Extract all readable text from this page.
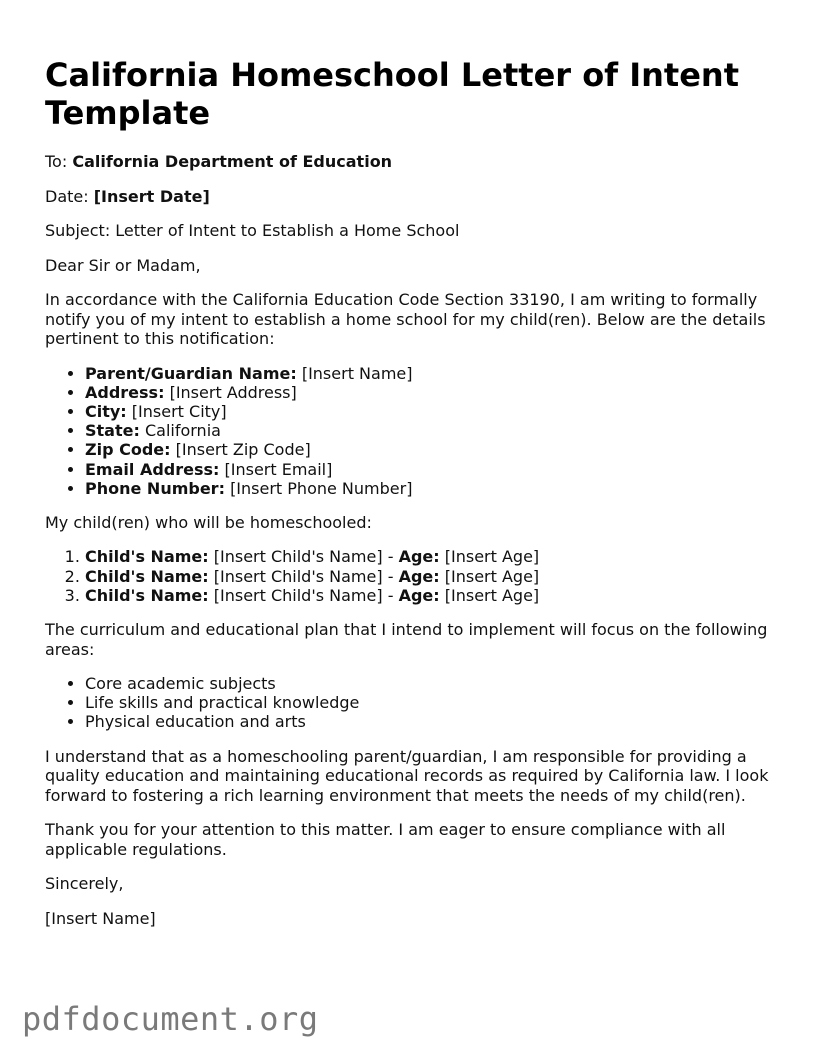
California Homeschool Letter of Intent Template

To: California Department of Education

Date: [Insert Date]

Subject: Letter of Intent to Establish a Home School

Dear Sir or Madam,

In accordance with the California Education Code Section 33190, I am writing to formally notify you of my intent to establish a home school for my child(ren). Below are the details pertinent to this notification:

• Parent/Guardian Name: [Insert Name]
• Address: [Insert Address]
• City: [Insert City]
• State: California
• Zip Code: [Insert Zip Code]
• Email Address: [Insert Email]
• Phone Number: [Insert Phone Number]

My child(ren) who will be homeschooled:

1. Child's Name: [Insert Child's Name] - Age: [Insert Age]
2. Child's Name: [Insert Child's Name] - Age: [Insert Age]
3. Child's Name: [Insert Child's Name] - Age: [Insert Age]

The curriculum and educational plan that I intend to implement will focus on the following areas:

• Core academic subjects
• Life skills and practical knowledge
• Physical education and arts

I understand that as a homeschooling parent/guardian, I am responsible for providing a quality education and maintaining educational records as required by California law. I look forward to fostering a rich learning environment that meets the needs of my child(ren).

Thank you for your attention to this matter. I am eager to ensure compliance with all applicable regulations.

Sincerely,

[Insert Name]

pdfdocument.org
